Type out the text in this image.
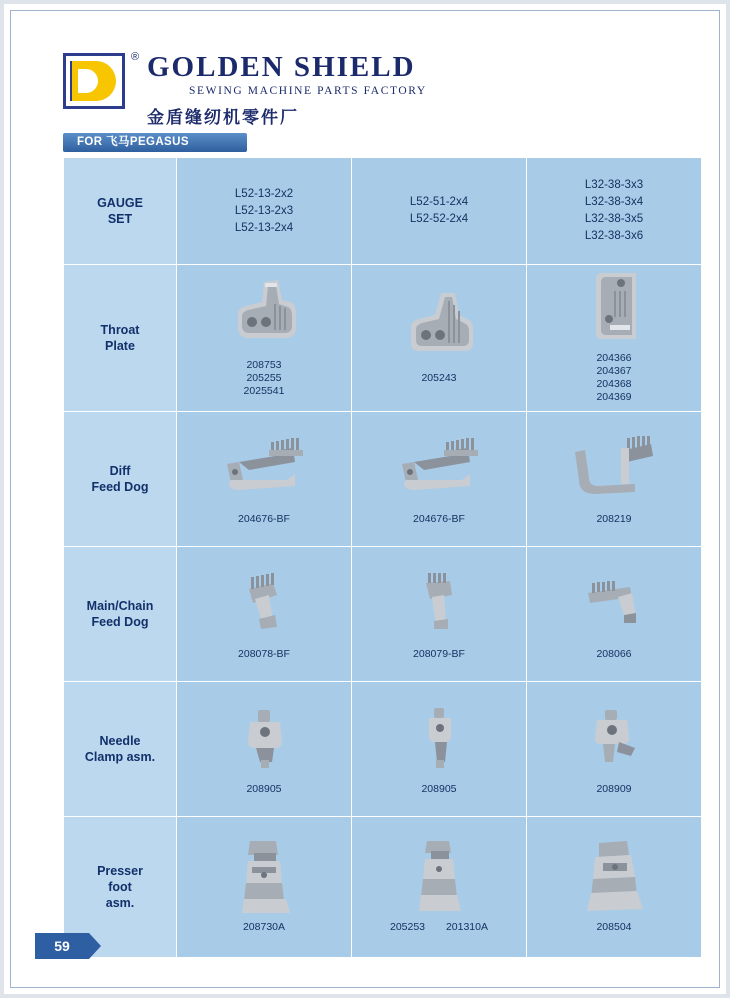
® GOLDEN SHIELD
SEWING MACHINE PARTS FACTORY
金盾缝纫机零件厂
FOR 飞马PEGASUS
GAUGE
SET	L52-13-2x2
L52-13-2x3
L52-13-2x4	L52-51-2x4
L52-52-2x4	L32-38-3x3
L32-38-3x4
L32-38-3x5
L32-38-3x6

Throat
Plate	208753
205255
2025541	205243	204366
204367
204368
204369

Diff
Feed Dog	204676-BF	204676-BF	208219

Main/Chain
Feed Dog	208078-BF	208079-BF	208066

Needle
Clamp asm.	208905	208905	208909

Presser
foot
asm.	208730A	205253 201310A	208504
59
